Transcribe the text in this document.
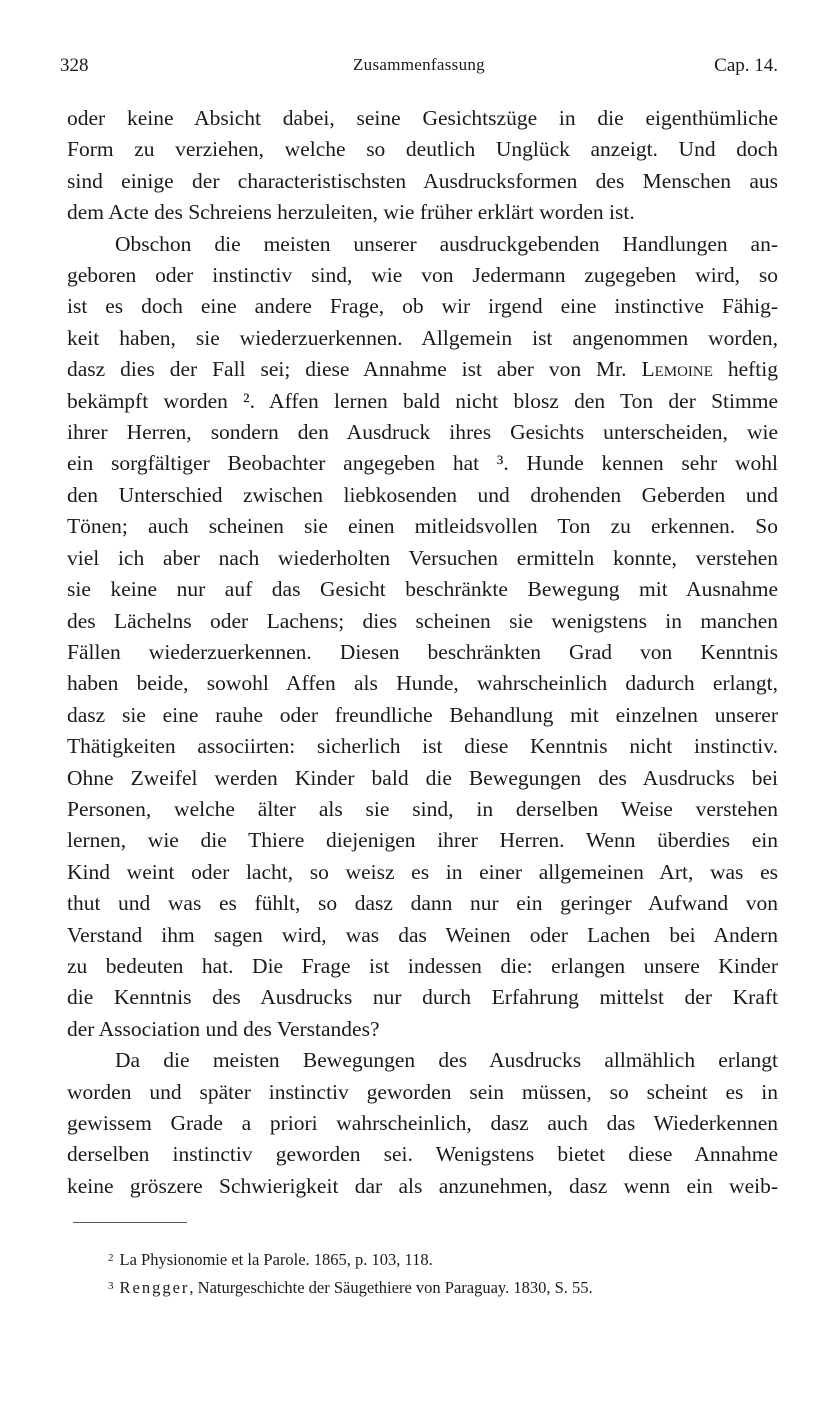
328	Zusammenfassung	Cap. 14.
oder keine Absicht dabei, seine Gesichtszüge in die eigenthümliche
Form zu verziehen, welche so deutlich Unglück anzeigt. Und doch
sind einige der characteristischsten Ausdrucksformen des Menschen aus
dem Acte des Schreiens herzuleiten, wie früher erklärt worden ist.
Obschon die meisten unserer ausdruckgebenden Handlungen an-
geboren oder instinctiv sind, wie von Jedermann zugegeben wird, so
ist es doch eine andere Frage, ob wir irgend eine instinctive Fähig-
keit haben, sie wiederzuerkennen. Allgemein ist angenommen worden,
dasz dies der Fall sei; diese Annahme ist aber von Mr. Lemoine heftig
bekämpft worden ². Affen lernen bald nicht blosz den Ton der Stimme
ihrer Herren, sondern den Ausdruck ihres Gesichts unterscheiden, wie
ein sorgfältiger Beobachter angegeben hat ³. Hunde kennen sehr wohl
den Unterschied zwischen liebkosenden und drohenden Geberden und
Tönen; auch scheinen sie einen mitleidsvollen Ton zu erkennen. So
viel ich aber nach wiederholten Versuchen ermitteln konnte, verstehen
sie keine nur auf das Gesicht beschränkte Bewegung mit Ausnahme
des Lächelns oder Lachens; dies scheinen sie wenigstens in manchen
Fällen wiederzuerkennen. Diesen beschränkten Grad von Kenntnis
haben beide, sowohl Affen als Hunde, wahrscheinlich dadurch erlangt,
dasz sie eine rauhe oder freundliche Behandlung mit einzelnen unserer
Thätigkeiten associirten: sicherlich ist diese Kenntnis nicht instinctiv.
Ohne Zweifel werden Kinder bald die Bewegungen des Ausdrucks bei
Personen, welche älter als sie sind, in derselben Weise verstehen
lernen, wie die Thiere diejenigen ihrer Herren. Wenn überdies ein
Kind weint oder lacht, so weisz es in einer allgemeinen Art, was es
thut und was es fühlt, so dasz dann nur ein geringer Aufwand von
Verstand ihm sagen wird, was das Weinen oder Lachen bei Andern
zu bedeuten hat. Die Frage ist indessen die: erlangen unsere Kinder
die Kenntnis des Ausdrucks nur durch Erfahrung mittelst der Kraft
der Association und des Verstandes?
Da die meisten Bewegungen des Ausdrucks allmählich erlangt
worden und später instinctiv geworden sein müssen, so scheint es in
gewissem Grade a priori wahrscheinlich, dasz auch das Wiederkennen
derselben instinctiv geworden sei. Wenigstens bietet diese Annahme
keine gröszere Schwierigkeit dar als anzunehmen, dasz wenn ein weib-
$^2$ La Physionomie et la Parole. 1865, p. 103, 118.
$^3$ Rengger, Naturgeschichte der Säugethiere von Paraguay. 1830, S. 55.
